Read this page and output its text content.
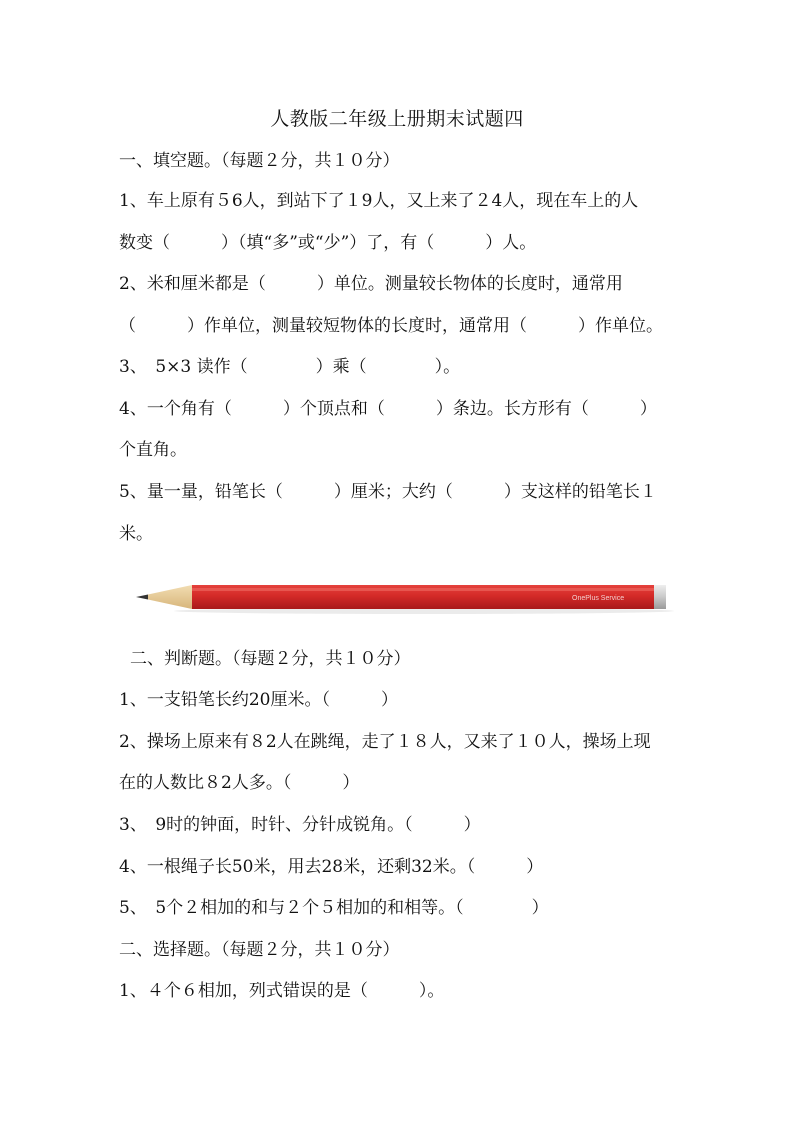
人教版二年级上册期末试题四
一、填空题。（每题２分，共１０分）
1、车上原有５6人，到站下了１9人，又上来了２4人，现在车上的人
数变（　　　）（填“多”或“少”）了，有（　　　）人。
2、米和厘米都是（　　　）单位。测量较长物体的长度时，通常用
（　　　）作单位，测量较短物体的长度时，通常用（　　　）作单位。
3、　5×3 读作（　　　　）乘（　　　　）。
4、一个角有（　　　）个顶点和（　　　）条边。长方形有（　　　）
个直角。
5、量一量，铅笔长（　　　）厘米；大约（　　　）支这样的铅笔长１
米。
OnePlus Service
二、判断题。（每题２分，共１０分）
1、一支铅笔长约20厘米。（　　　）
2、操场上原来有８2人在跳绳，走了１８人，又来了１０人，操场上现
在的人数比８2人多。（　　　）
3、　9时的钟面，时针、分针成锐角。（　　　）
4、一根绳子长50米，用去28米，还剩32米。（　　　）
5、　5个２相加的和与２个５相加的和相等。（　　　　）
二、选择题。（每题２分，共１０分）
1、４个６相加，列式错误的是（　　　）。
